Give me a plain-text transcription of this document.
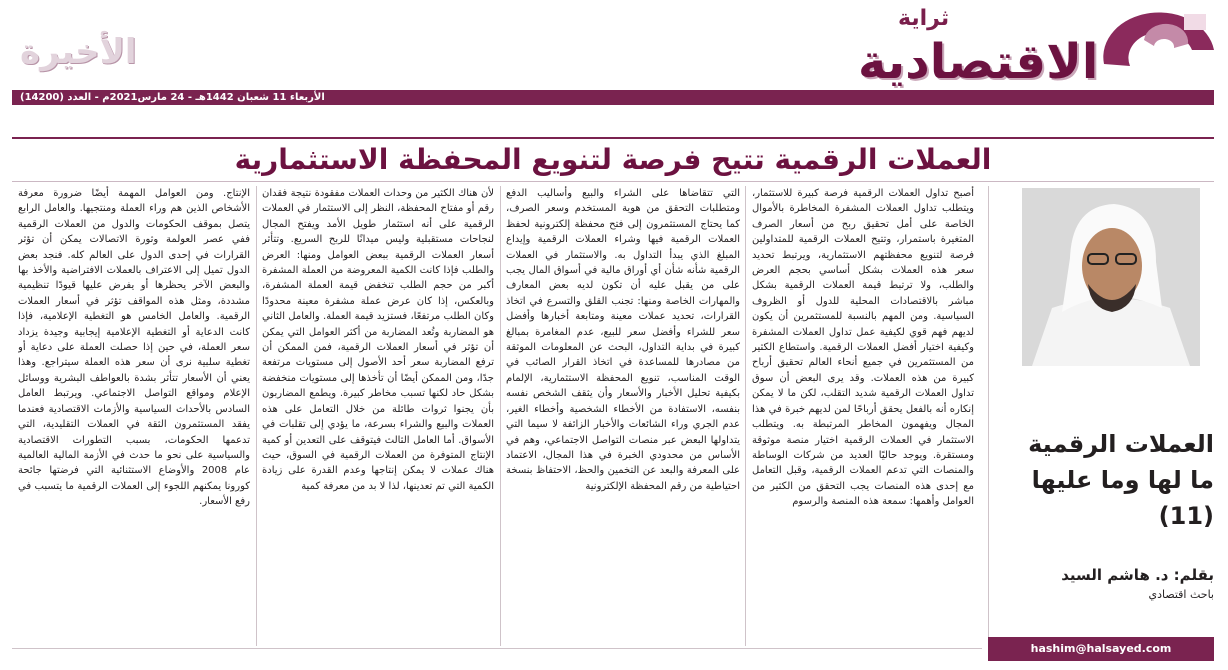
ثراية
الاقتصادية
الأخيرة
الأربعاء 11 شعبان 1442هـ - 24 مارس2021م - العدد (14200)
العملات الرقمية تتيح فرصة لتنويع المحفظة الاستثمارية
العملات الرقمية ما لها وما عليها (11)
بقلم: د. هاشم السيد
باحث اقتصادي
أصبح تداول العملات الرقمية فرصة كبيرة للاستثمار، ويتطلب تداول العملات المشفرة المخاطرة بالأموال الخاصة على أمل تحقيق ربح من أسعار الصرف المتغيرة باستمرار، وتتيح العملات الرقمية للمتداولين فرصة لتنويع محفظتهم الاستثمارية، ويرتبط تحديد سعر هذه العملات بشكل أساسي بحجم العرض والطلب، ولا ترتبط قيمة العملات الرقمية بشكل مباشر بالاقتصادات المحلية للدول أو الظروف السياسية. ومن المهم بالنسبة للمستثمرين أن يكون لديهم فهم قوي لكيفية عمل تداول العملات المشفرة وكيفية اختيار أفضل العملات الرقمية. واستطاع الكثير من المستثمرين في جميع أنحاء العالم تحقيق أرباح كبيرة من هذه العملات. وقد يرى البعض أن سوق تداول العملات الرقمية شديد التقلب، لكن ما لا يمكن إنكاره أنه بالفعل يحقق أرباحًا لمن لديهم خبرة في هذا المجال ويفهمون المخاطر المرتبطة به. ويتطلب الاستثمار في العملات الرقمية اختيار منصة موثوقة ومستقرة. ويوجد حاليًا العديد من شركات الوساطة والمنصات التي تدعم العملات الرقمية، وقبل التعامل مع إحدى هذه المنصات يجب التحقق من الكثير من العوامل وأهمها: سمعة هذه المنصة والرسوم
التي تتقاضاها على الشراء والبيع وأساليب الدفع ومتطلبات التحقق من هوية المستخدم وسعر الصرف، كما يحتاج المستثمرون إلى فتح محفظة إلكترونية لحفظ العملات الرقمية فيها وشراء العملات الرقمية وإيداع المبلغ الذي يبدأ التداول به. والاستثمار في العملات الرقمية شأنه شأن أي أوراق مالية في أسواق المال يجب على من يقبل عليه أن تكون لديه بعض المعارف والمهارات الخاصة ومنها: تجنب القلق والتسرع في اتخاذ القرارات، تحديد عملات معينة ومتابعة أخبارها وأفضل سعر للشراء وأفضل سعر للبيع، عدم المغامرة بمبالغ كبيرة في بداية التداول، البحث عن المعلومات الموثقة من مصادرها للمساعدة في اتخاذ القرار الصائب في الوقت المناسب، تنويع المحفظة الاستثمارية، الإلمام بكيفية تحليل الأخبار والأسعار وأن يثقف الشخص نفسه بنفسه، الاستفادة من الأخطاء الشخصية وأخطاء الغير، عدم الجري وراء الشائعات والأخبار الزائفة لا سيما التي يتداولها البعض عبر منصات التواصل الاجتماعي، وهم في الأساس من محدودي الخبرة في هذا المجال، الاعتماد على المعرفة والبعد عن التخمين والحظ، الاحتفاظ بنسخة احتياطية من رقم المحفظة الإلكترونية
لأن هناك الكثير من وحدات العملات مفقودة نتيجة فقدان رقم أو مفتاح المحفظة، النظر إلى الاستثمار في العملات الرقمية على أنه استثمار طويل الأمد ويفتح المجال لنجاحات مستقبلية وليس ميدانًا للربح السريع. وتتأثر أسعار العملات الرقمية ببعض العوامل ومنها: العرض والطلب فإذا كانت الكمية المعروضة من العملة المشفرة أكبر من حجم الطلب تنخفض قيمة العملة المشفرة، وبالعكس، إذا كان عرض عملة مشفرة معينة محدودًا وكان الطلب مرتفعًا، فستزيد قيمة العملة. والعامل الثاني هو المضاربة وتُعد المضاربة من أكثر العوامل التي يمكن أن تؤثر في أسعار العملات الرقمية، فمن الممكن أن ترفع المضاربة سعر أحد الأصول إلى مستويات مرتفعة جدًا، ومن الممكن أيضًا أن تأخذها إلى مستويات منخفضة بشكل حاد لكنها تسبب مخاطر كبيرة. ويطمع المضاربون بأن يجنوا ثروات طائلة من خلال التعامل على هذه العملات والبيع والشراء بسرعة، ما يؤدي إلى تقلبات في الأسواق. أما العامل الثالث فيتوقف على التعدين أو كمية الإنتاج المتوفرة من العملات الرقمية في السوق، حيث هناك عملات لا يمكن إنتاجها وعدم القدرة على زيادة الكمية التي تم تعدينها، لذا لا بد من معرفة كمية
الإنتاج. ومن العوامل المهمة أيضًا ضرورة معرفة الأشخاص الذين هم وراء العملة ومنتجيها. والعامل الرابع يتصل بموقف الحكومات والدول من العملات الرقمية ففي عصر العولمة وثورة الاتصالات يمكن أن تؤثر القرارات في إحدى الدول على العالم كله. فنجد بعض الدول تميل إلى الاعتراف بالعملات الافتراضية والأخذ بها والبعض الآخر يحظرها أو يفرض عليها قيودًا تنظيمية مشددة، ومثل هذه المواقف تؤثر في أسعار العملات الرقمية. والعامل الخامس هو التغطية الإعلامية، فإذا كانت الدعاية أو التغطية الإعلامية إيجابية وجيدة يزداد سعر العملة، في حين إذا حصلت العملة على دعاية أو تغطية سلبية نرى أن سعر هذه العملة سيتراجع. وهذا يعني أن الأسعار تتأثر بشدة بالعواطف البشرية ووسائل الإعلام ومواقع التواصل الاجتماعي. ويرتبط العامل السادس بالأحداث السياسية والأزمات الاقتصادية فعندما يفقد المستثمرون الثقة في العملات التقليدية، التي تدعمها الحكومات، بسبب التطورات الاقتصادية والسياسية على نحو ما حدث في الأزمة المالية العالمية عام 2008 والأوضاع الاستثنائية التي فرضتها جائحة كورونا يمكنهم اللجوء إلى العملات الرقمية ما يتسبب في رفع الأسعار.
hashim@halsayed.com
